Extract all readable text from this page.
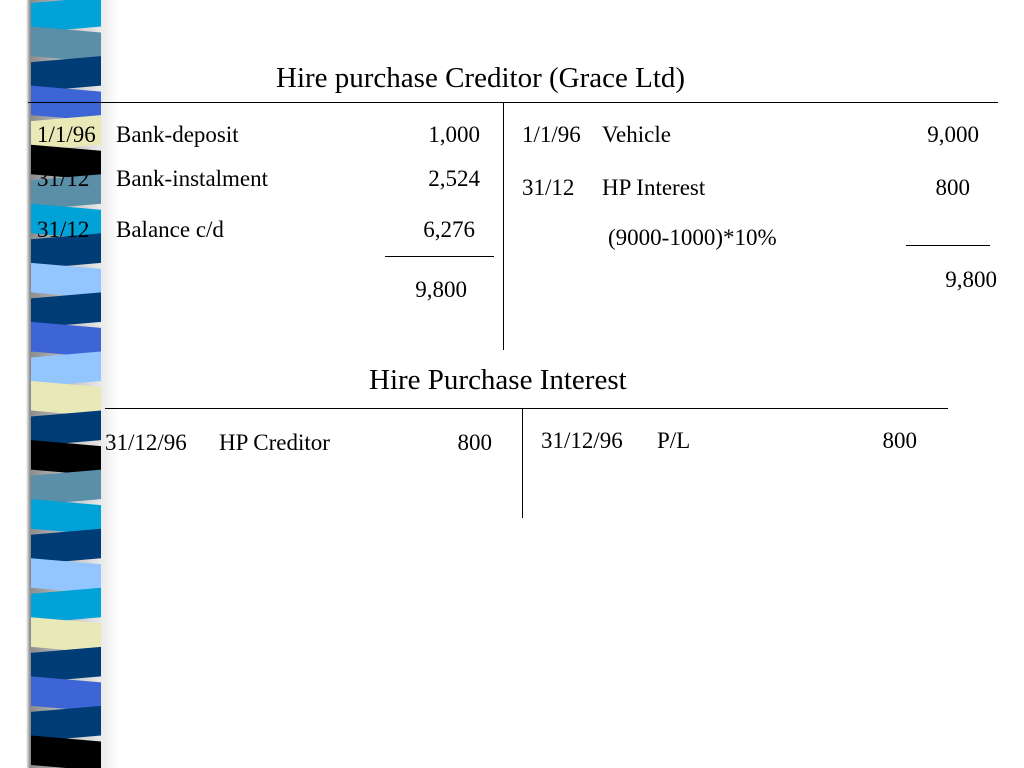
Hire purchase Creditor (Grace Ltd)
1/1/96 Bank-deposit	1,000
31/12 Bank-instalment	2,524
31/12 Balance c/d	6,276
9,800
1/1/96 Vehicle	9,000
31/12 HP Interest	800
(9000-1000)*10%
9,800
Hire Purchase Interest
31/12/96 HP Creditor	800 31/12/96 P/L	800
